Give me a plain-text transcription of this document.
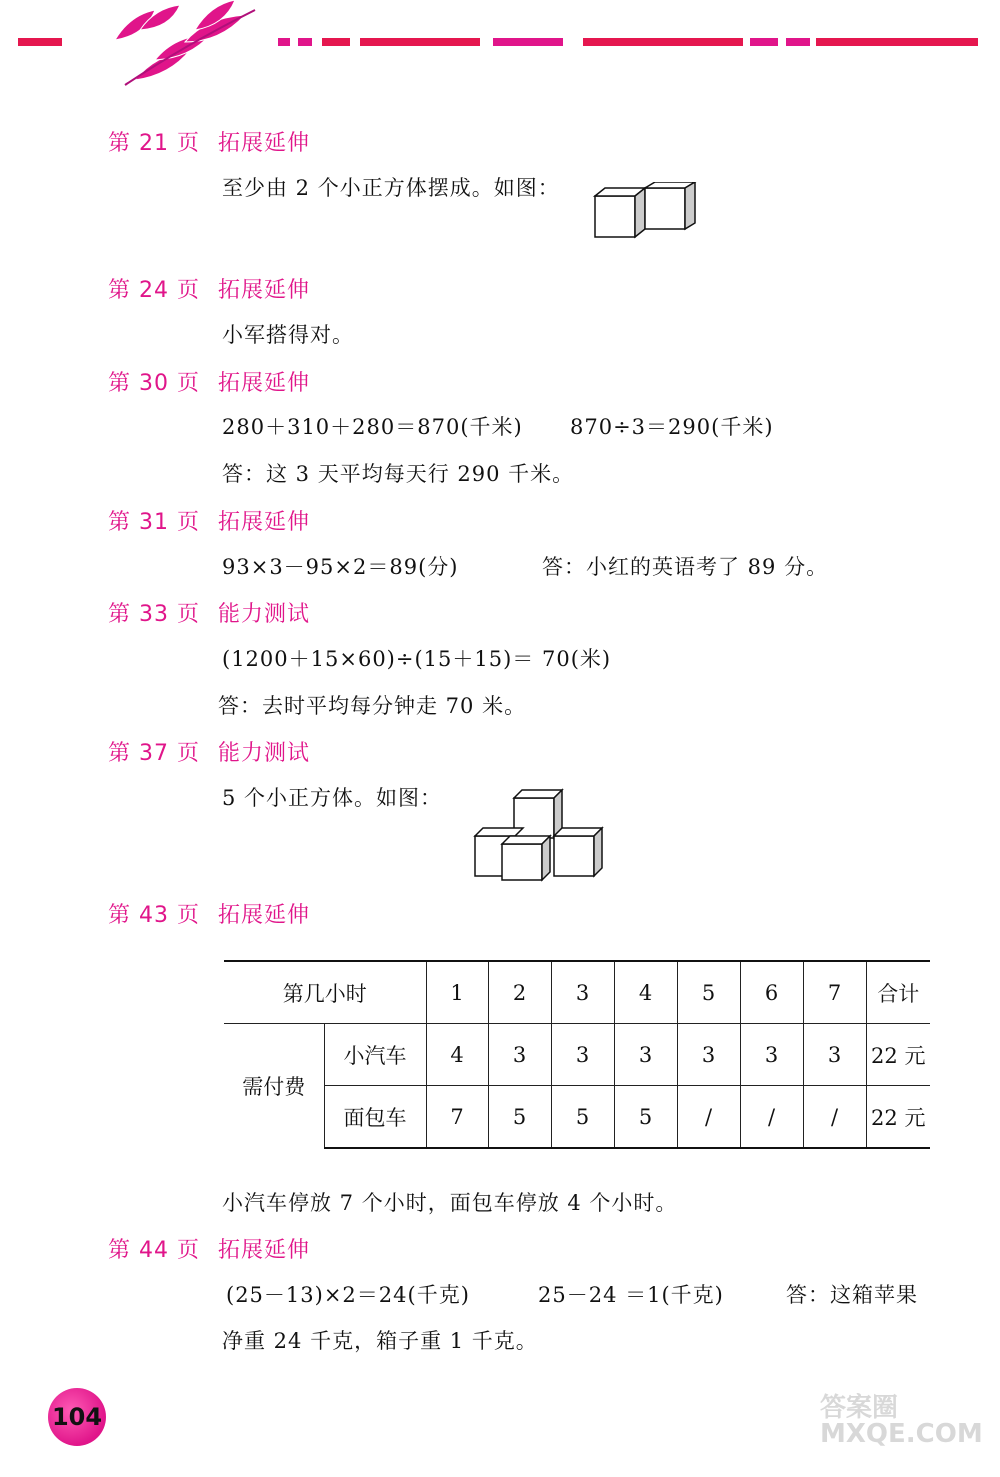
第 21 页 拓展延伸
至少由 2 个小正方体摆成。如图：
第 24 页 拓展延伸
小军搭得对。
第 30 页 拓展延伸
280＋310＋280＝870(千米) 870÷3＝290(千米)
答：这 3 天平均每天行 290 千米。
第 31 页 拓展延伸
93×3－95×2＝89(分)	答：小红的英语考了 89 分。
第 33 页 能力测试
(1200＋15×60)÷(15＋15)＝ 70(米)
答：去时平均每分钟走 70 米。
第 37 页 能力测试
5 个小正方体。如图：
第 43 页 拓展延伸
第几小时		1	2	3	4	5	6	7	合计
需付费	小汽车	4	3	3	3	3	3	3	22 元
	面包车	7	5	5	5	/	/	/	22 元
小汽车停放 7 个小时，面包车停放 4 个小时。
第 44 页 拓展延伸
(25－13)×2＝24(千克)	25－24 ＝1(千克)	答：这箱苹果
净重 24 千克，箱子重 1 千克。
104	答案圈 MXQE.COM
